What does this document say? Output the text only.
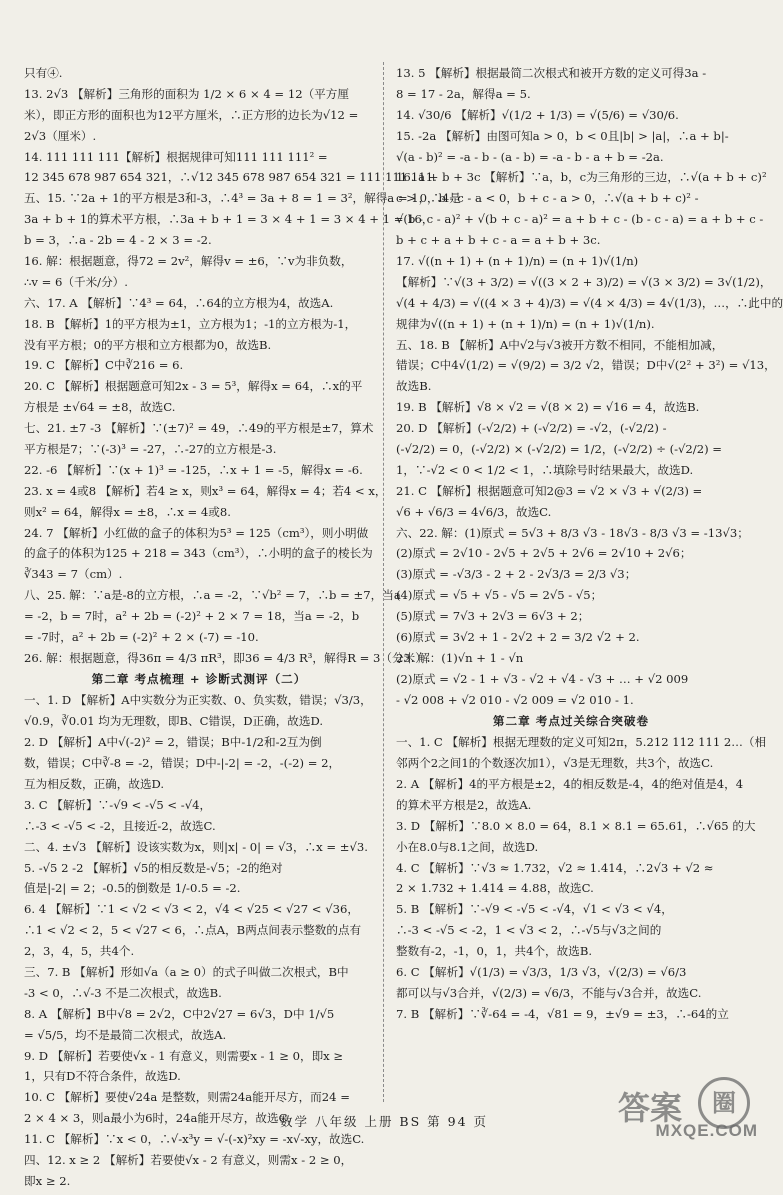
只有④.
13. 2√3 【解析】三角形的面积为 1/2 × 6 × 4 = 12（平方厘
米），即正方形的面积也为12平方厘米，∴正方形的边长为√12 =
2√3（厘米）.
14. 111 111 111【解析】根据规律可知111 111 111² =
12 345 678 987 654 321，∴√12 345 678 987 654 321 = 111 111 111.
五、15. ∵2a + 1的平方根是3和-3，∴4³ = 3a + 8 = 1 = 3²，解得a = 1，∴4是
3a + b + 1的算术平方根，∴3a + b + 1 = 3 × 4 + 1 = 3 × 4 + 1 = 16，
b = 3，∴a - 2b = 4 - 2 × 3 = -2.
16. 解：根据题意，得72 = 2v²，解得v = ±6，∵v为非负数，
∴v = 6（千米/分）.
六、17. A 【解析】∵4³ = 64，∴64的立方根为4，故选A.
18. B 【解析】1的平方根为±1，立方根为1；-1的立方根为-1，
没有平方根；0的平方根和立方根都为0，故选B.
19. C 【解析】C中∛216 = 6.
20. C 【解析】根据题意可知2x - 3 = 5³，解得x = 64，∴x的平
方根是 ±√64 = ±8，故选C.
七、21. ±7 -3 【解析】∵(±7)² = 49，∴49的平方根是±7，算术
平方根是7；∵(-3)³ = -27，∴-27的立方根是-3.
22. -6 【解析】∵(x + 1)³ = -125，∴x + 1 = -5，解得x = -6.
23. x = 4或8 【解析】若4 ≥ x，则x³ = 64，解得x = 4；若4 < x，
则x² = 64，解得x = ±8，∴x = 4或8.
24. 7 【解析】小红做的盒子的体积为5³ = 125（cm³），则小明做
的盒子的体积为125 + 218 = 343（cm³），∴小明的盒子的棱长为
∛343 = 7（cm）.
八、25. 解：∵a是-8的立方根，∴a = -2，∵√b² = 7，∴b = ±7，当a
= -2，b = 7时，a² + 2b = (-2)² + 2 × 7 = 18，当a = -2，b
= -7时，a² + 2b = (-2)² + 2 × (-7) = -10.
26. 解：根据题意，得36π = 4/3 πR³，即36 = 4/3 R³，解得R = 3（分米）.
第二章 考点梳理 + 诊断式测评（二）
一、1. D 【解析】A中实数分为正实数、0、负实数，错误；√3/3，
√0.9，∛0.01 均为无理数，即B、C错误，D正确，故选D.
2. D 【解析】A中√(-2)² = 2，错误；B中-1/2和-2互为倒
数，错误；C中∛-8 = -2，错误；D中-|-2| = -2，-(-2) = 2，
互为相反数，正确，故选D.
3. C 【解析】∵-√9 < -√5 < -√4，
∴-3 < -√5 < -2，且接近-2，故选C.
二、4. ±√3 【解析】设该实数为x，则|x| - 0| = √3，∴x = ±√3.
5. -√5 2 -2 【解析】√5的相反数是-√5；-2的绝对
值是|-2| = 2；-0.5的倒数是 1/-0.5 = -2.
6. 4 【解析】∵1 < √2 < √3 < 2，√4 < √25 < √27 < √36，
∴1 < √2 < 2，5 < √27 < 6，∴点A，B两点间表示整数的点有
2，3，4，5，共4个.
三、7. B 【解析】形如√a（a ≥ 0）的式子叫做二次根式，B中
-3 < 0，∴√-3 不是二次根式，故选B.
8. A 【解析】B中√8 = 2√2，C中2√27 = 6√3，D中 1/√5
= √5/5，均不是最简二次根式，故选A.
9. D 【解析】若要使√x - 1 有意义，则需要x - 1 ≥ 0，即x ≥
1，只有D不符合条件，故选D.
10. C 【解析】要使√24a 是整数，则需24a能开尽方，而24 =
2 × 4 × 3，则a最小为6时，24a能开尽方，故选C.
11. C 【解析】∵x < 0，∴√-x³y = √-(-x)²xy = -x√-xy，故选C.
四、12. x ≥ 2 【解析】若要使√x - 2 有意义，则需x - 2 ≥ 0，
即x ≥ 2.
13. 5 【解析】根据最简二次根式和被开方数的定义可得3a -
8 = 17 - 2a，解得a = 5.
14. √30/6 【解析】√(1/2 + 1/3) = √(5/6) = √30/6.
15. -2a 【解析】由图可知a > 0，b < 0且|b| > |a|，∴a + b|-
√(a - b)² = -a - b - (a - b) = -a - b - a + b = -2a.
16. a + b + 3c 【解析】∵a，b，c为三角形的三边，∴√(a + b + c)²
c > 0，b - c - a < 0，b + c - a > 0，∴√(a + b + c)² -
√(b - c - a)² + √(b + c - a)² = a + b + c - (b - c - a) = a + b + c -
b + c + a + b + c - a = a + b + 3c.
17. √((n + 1) + (n + 1)/n) = (n + 1)√(1/n)
【解析】∵√(3 + 3/2) = √((3 × 2 + 3)/2) = √(3 × 3/2) = 3√(1/2)，
√(4 + 4/3) = √((4 × 3 + 4)/3) = √(4 × 4/3) = 4√(1/3)，…，∴此中的
规律为√((n + 1) + (n + 1)/n) = (n + 1)√(1/n).
五、18. B 【解析】A中√2与√3被开方数不相同，不能相加减，
错误；C中4√(1/2) = √(9/2) = 3/2 √2，错误；D中√(2² + 3²) = √13，
故选B.
19. B 【解析】√8 × √2 = √(8 × 2) = √16 = 4，故选B.
20. D 【解析】(-√2/2) + (-√2/2) = -√2，(-√2/2) -
(-√2/2) = 0，(-√2/2) × (-√2/2) = 1/2，(-√2/2) ÷ (-√2/2) =
1，∵-√2 < 0 < 1/2 < 1，∴填除号时结果最大，故选D.
21. C 【解析】根据题意可知2@3 = √2 × √3 + √(2/3) =
√6 + √6/3 = 4√6/3，故选C.
六、22. 解：(1)原式 = 5√3 + 8/3 √3 - 18√3 - 8/3 √3 = -13√3；
(2)原式 = 2√10 - 2√5 + 2√5 + 2√6 = 2√10 + 2√6；
(3)原式 = -√3/3 - 2 + 2 - 2√3/3 = 2/3 √3；
(4)原式 = √5 + √5 - √5 = 2√5 - √5；
(5)原式 = 7√3 + 2√3 = 6√3 + 2；
(6)原式 = 3√2 + 1 - 2√2 + 2 = 3/2 √2 + 2.
23. 解：(1)√n + 1 - √n
(2)原式 = √2 - 1 + √3 - √2 + √4 - √3 + … + √2 009
- √2 008 + √2 010 - √2 009 = √2 010 - 1.
第二章 考点过关综合突破卷
一、1. C 【解析】根据无理数的定义可知2π，5.212 112 111 2…（相
邻两个2之间1的个数逐次加1），√3是无理数，共3个，故选C.
2. A 【解析】4的平方根是±2，4的相反数是-4，4的绝对值是4，4
的算术平方根是2，故选A.
3. D 【解析】∵8.0 × 8.0 = 64，8.1 × 8.1 = 65.61，∴√65 的大
小在8.0与8.1之间，故选D.
4. C 【解析】∵√3 ≈ 1.732，√2 ≈ 1.414，∴2√3 + √2 ≈
2 × 1.732 + 1.414 = 4.88，故选C.
5. B 【解析】∵-√9 < -√5 < -√4，√1 < √3 < √4，
∴-3 < -√5 < -2，1 < √3 < 2，∴-√5与√3之间的
整数有-2，-1，0，1，共4个，故选B.
6. C 【解析】√(1/3) = √3/3，1/3 √3，√(2/3) = √6/3
都可以与√3合并，√(2/3) = √6/3，不能与√3合并，故选C.
7. B 【解析】∵∛-64 = -4，√81 = 9，±√9 = ±3，∴-64的立
数学 八年级 上册 BS 第 94 页	答案	圈
MXQE.COM
